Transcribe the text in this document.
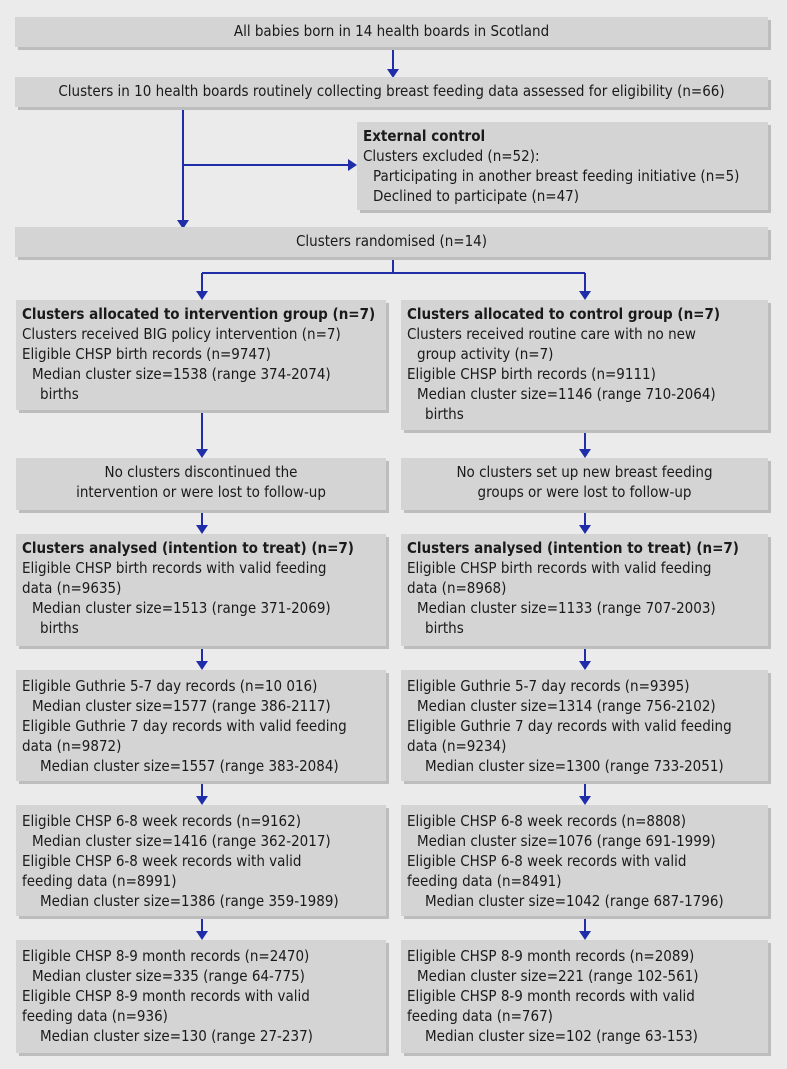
All babies born in 14 health boards in Scotland
Clusters in 10 health boards routinely collecting breast feeding data assessed for eligibility (n=66)
External control
Clusters excluded (n=52):
Participating in another breast feeding initiative (n=5)
Declined to participate (n=47)
Clusters randomised (n=14)
Clusters allocated to intervention group (n=7)
Clusters received BIG policy intervention (n=7)
Eligible CHSP birth records (n=9747)
Median cluster size=1538 (range 374-2074)
births
Clusters allocated to control group (n=7)
Clusters received routine care with no new
group activity (n=7)
Eligible CHSP birth records (n=9111)
Median cluster size=1146 (range 710-2064)
births
No clusters discontinued the
intervention or were lost to follow-up
No clusters set up new breast feeding
groups or were lost to follow-up
Clusters analysed (intention to treat) (n=7)
Eligible CHSP birth records with valid feeding
data (n=9635)
Median cluster size=1513 (range 371-2069)
births
Clusters analysed (intention to treat) (n=7)
Eligible CHSP birth records with valid feeding
data (n=8968)
Median cluster size=1133 (range 707-2003)
births
Eligible Guthrie 5-7 day records (n=10 016)
Median cluster size=1577 (range 386-2117)
Eligible Guthrie 7 day records with valid feeding
data (n=9872)
Median cluster size=1557 (range 383-2084)
Eligible Guthrie 5-7 day records (n=9395)
Median cluster size=1314 (range 756-2102)
Eligible Guthrie 7 day records with valid feeding
data (n=9234)
Median cluster size=1300 (range 733-2051)
Eligible CHSP 6-8 week records (n=9162)
Median cluster size=1416 (range 362-2017)
Eligible CHSP 6-8 week records with valid
feeding data (n=8991)
Median cluster size=1386 (range 359-1989)
Eligible CHSP 6-8 week records (n=8808)
Median cluster size=1076 (range 691-1999)
Eligible CHSP 6-8 week records with valid
feeding data (n=8491)
Median cluster size=1042 (range 687-1796)
Eligible CHSP 8-9 month records (n=2470)
Median cluster size=335 (range 64-775)
Eligible CHSP 8-9 month records with valid
feeding data (n=936)
Median cluster size=130 (range 27-237)
Eligible CHSP 8-9 month records (n=2089)
Median cluster size=221 (range 102-561)
Eligible CHSP 8-9 month records with valid
feeding data (n=767)
Median cluster size=102 (range 63-153)
